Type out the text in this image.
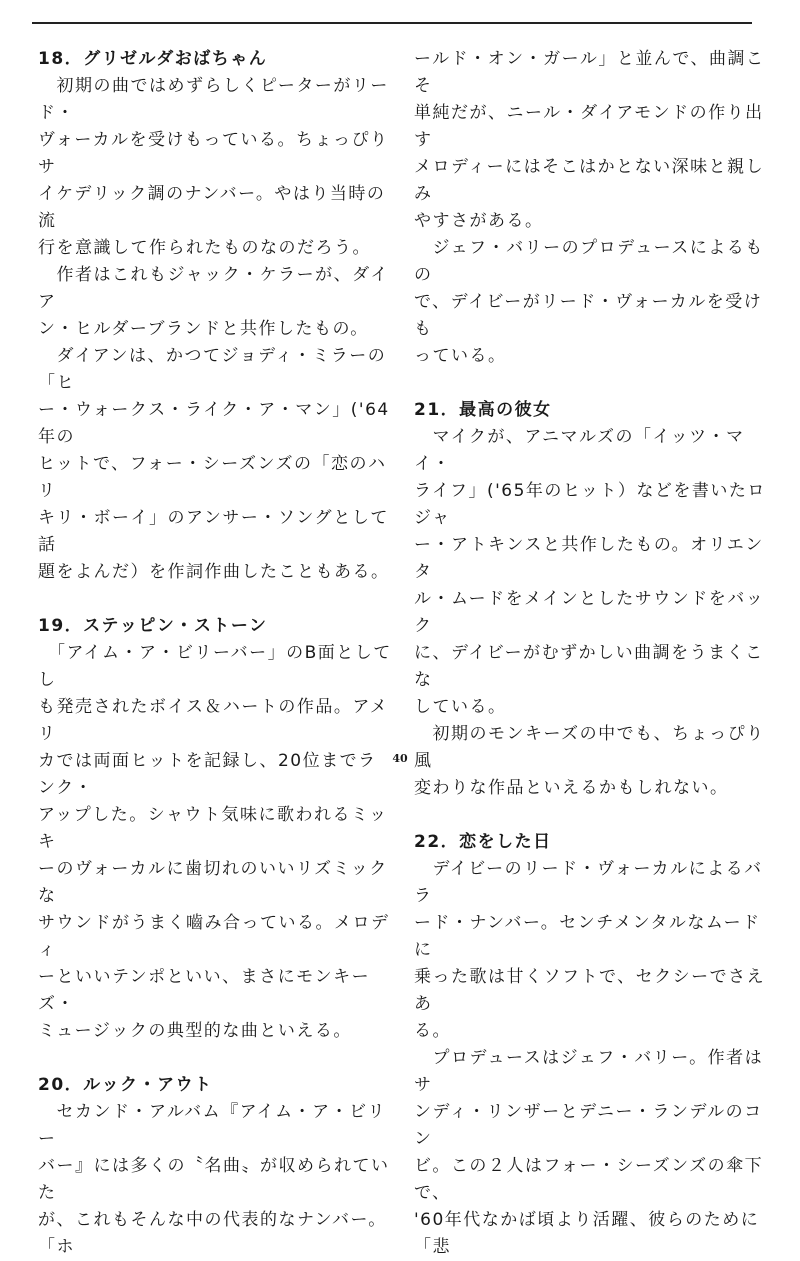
18．グリゼルダおばちゃん

　初期の曲ではめずらしくピーターがリード・
ヴォーカルを受けもっている。ちょっぴりサ
イケデリック調のナンバー。やはり当時の流
行を意識して作られたものなのだろう。

　作者はこれもジャック・ケラーが、ダイア
ン・ヒルダーブランドと共作したもの。

　ダイアンは、かつてジョディ・ミラーの「ヒ
ー・ウォークス・ライク・ア・マン」('64年の
ヒットで、フォー・シーズンズの「恋のハリ
キリ・ボーイ」のアンサー・ソングとして話
題をよんだ）を作詞作曲したこともある。

19．ステッピン・ストーン

　「アイム・ア・ビリーバー」のB面としてし
も発売されたボイス＆ハートの作品。アメリ
カでは両面ヒットを記録し、20位までランク・
アップした。シャウト気味に歌われるミッキ
ーのヴォーカルに歯切れのいいリズミックな
サウンドがうまく嚙み合っている。メロディ
ーといいテンポといい、まさにモンキーズ・
ミュージックの典型的な曲といえる。

20．ルック・アウト

　セカンド・アルバム『アイム・ア・ビリー
バー』には多くの〝名曲〟が収められていた
が、これもそんな中の代表的なナンバー。「ホ

ールド・オン・ガール」と並んで、曲調こそ
単純だが、ニール・ダイアモンドの作り出す
メロディーにはそこはかとない深味と親しみ
やすさがある。

　ジェフ・バリーのプロデュースによるもの
で、デイビーがリード・ヴォーカルを受けも
っている。

21．最高の彼女

　マイクが、アニマルズの「イッツ・マイ・
ライフ」('65年のヒット）などを書いたロジャ
ー・アトキンスと共作したもの。オリエンタ
ル・ムードをメインとしたサウンドをバック
に、デイビーがむずかしい曲調をうまくこな
している。

　初期のモンキーズの中でも、ちょっぴり風
変わりな作品といえるかもしれない。

22．恋をした日

　デイビーのリード・ヴォーカルによるバラ
ード・ナンバー。センチメンタルなムードに
乗った歌は甘くソフトで、セクシーでさえあ
る。

　プロデュースはジェフ・バリー。作者はサ
ンディ・リンザーとデニー・ランデルのコン
ビ。この２人はフォー・シーズンズの傘下で、
'60年代なかば頃より活躍、彼らのために「悲

40
